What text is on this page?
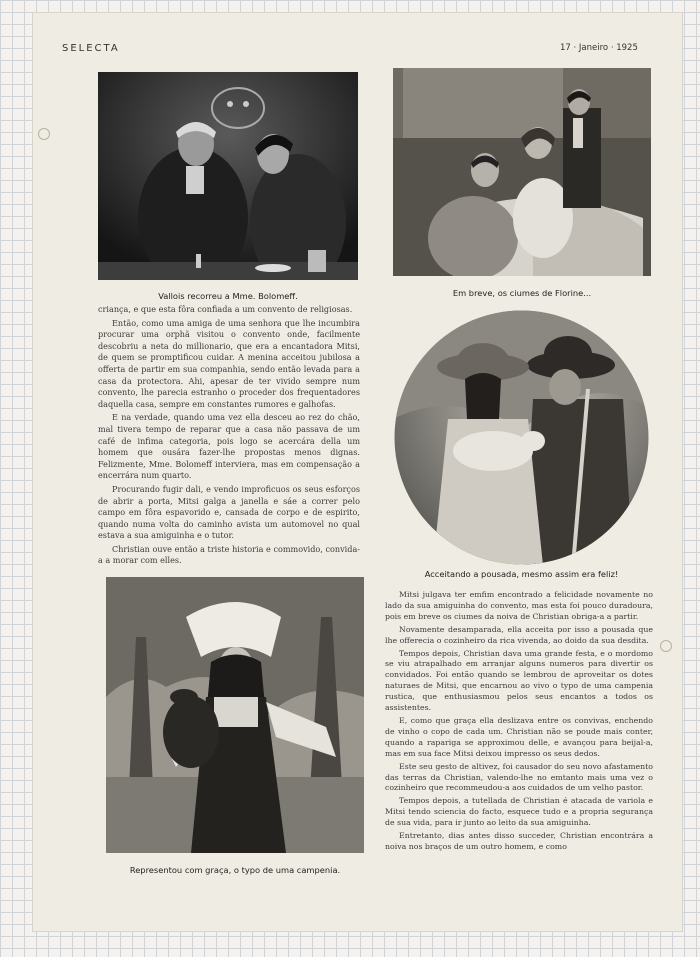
SELECTA	17 · Janeiro · 1925
Vallois recorreu a Mme. Bolomeff.	Em breve, os ciumes de Florine...
Acceitando a pousada, mesmo assim era feliz!
Representou com graça, o typo de uma campenia.

criança, e que esta fôra confiada a um convento de religiosas.

Então, como uma amiga de uma senhora que lhe incumbira procurar uma orphã visitou o convento onde, facilmente descobriu a neta do millionario, que era a encantadora Mitsi, de quem se promptificou cuidar. A menina acceitou jubilosa a offerta de partir em sua companhia, sendo então levada para a casa da protectora. Ahi, apesar de ter vivido sempre num convento, lhe parecia estranho o proceder dos frequentadores daquella casa, sempre em constantes rumores e galhofas.

E na verdade, quando uma vez ella desceu ao rez do chão, mal tivera tempo de reparar que a casa não passava de um café de infima categoria, pois logo se acercára della um homem que ousára fazer-lhe propostas menos dignas. Felizmente, Mme. Bolomeff interviera, mas em compensação a encerrára num quarto.

Procurando fugir dali, e vendo improficuos os seus esforços de abrir a porta, Mitsi galga a janella e sáe a correr pelo campo em fôra espavorido e, cansada de corpo e de espirito, quando numa volta do caminho avista um automovel no qual estava a sua amiguinha e o tutor.

Christian ouve então a triste historia e commovido, convida-a a morar com elles.

Mitsi julgava ter emfim encontrado a felicidade novamente no lado da sua amiguinha do convento, mas esta foi pouco duradoura, pois em breve os ciumes da noiva de Christian obriga-a a partir.

Novamente desamparada, ella acceita por isso a pousada que lhe offerecia o cozinheiro da rica vivenda, ao doido da sua desdita.

Tempos depois, Christian dava uma grande festa, e o mordomo se viu atrapalhado em arranjar alguns numeros para divertir os convidados. Foi então quando se lembrou de aproveitar os dotes naturaes de Mitsi, que encarnou ao vivo o typo de uma campenia rustica, que enthusiasmou pelos seus encantos a todos os assistentes.

E, como que graça ella deslizava entre os convivas, enchendo de vinho o copo de cada um. Christian não se poude mais conter, quando a rapariga se approximou delle, e avançou para beijal-a, mas em sua face Mitsi deixou impresso os seus dedos.

Este seu gesto de altivez, foi causador do seu novo afastamento das terras da Christian, valendo-lhe no emtanto mais uma vez o cozinheiro que recommeudou-a aos cuidados de um velho pastor.

Tempos depois, a tutellada de Christian é atacada de variola e Mitsi tendo sciencia do facto, esquece tudo e a propria segurança de sua vida, para ir junto ao leito da sua amiguinha.

Entretanto, dias antes disso succeder, Christian encontrára a noiva nos braços de um outro homem, e como
